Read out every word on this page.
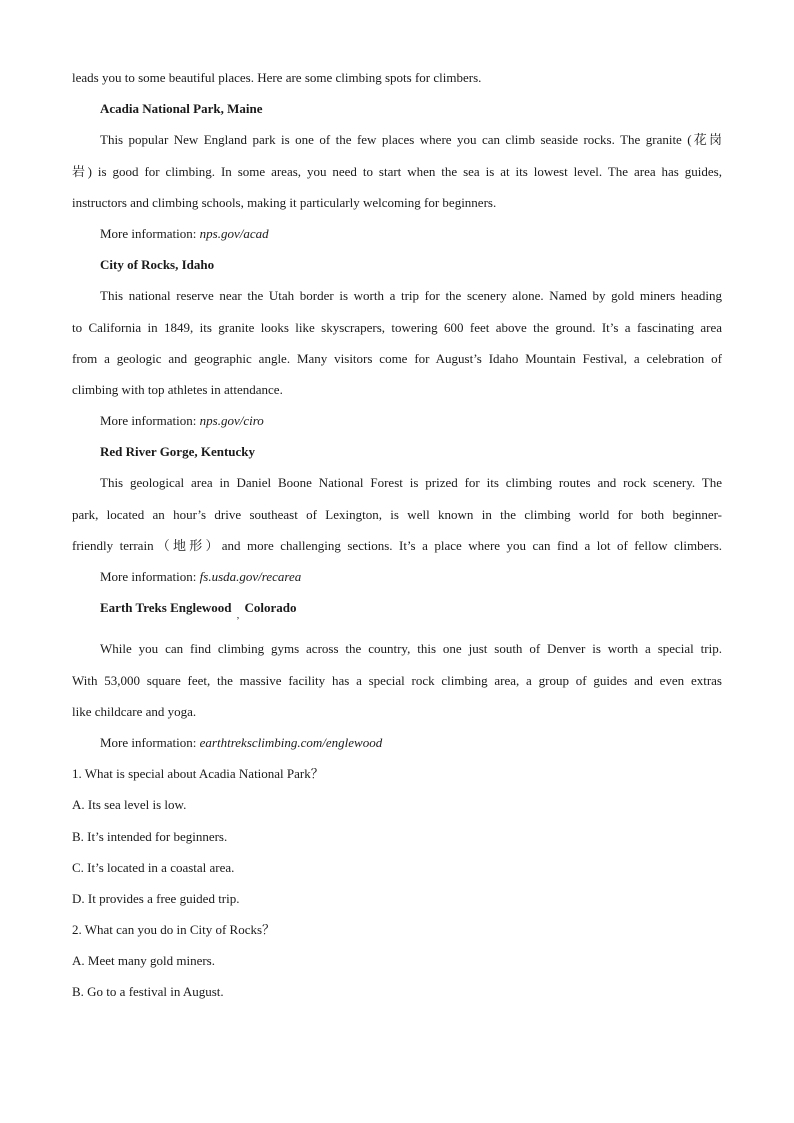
leads you to some beautiful places. Here are some climbing spots for climbers.
Acadia National Park, Maine
This popular New England park is one of the few places where you can climb seaside rocks. The granite (花岗
岩) is good for climbing. In some areas, you need to start when the sea is at its lowest level. The area has guides,
instructors and climbing schools, making it particularly welcoming for beginners.
More information: nps.gov/acad
City of Rocks, Idaho
This national reserve near the Utah border is worth a trip for the scenery alone. Named by gold miners heading
to California in 1849, its granite looks like skyscrapers, towering 600 feet above the ground. It’s a fascinating area
from a geologic and geographic angle. Many visitors come for August’s Idaho Mountain Festival, a celebration of
climbing with top athletes in attendance.
More information: nps.gov/ciro
Red River Gorge, Kentucky
This geological area in Daniel Boone National Forest is prized for its climbing routes and rock scenery. The
park, located an hour’s drive southeast of Lexington, is well known in the climbing world for both beginner-
friendly terrain（地形）and more challenging sections. It’s a place where you can find a lot of fellow climbers.
More information: fs.usda.gov/recarea
Earth Treks Englewood,Colorado
While you can find climbing gyms across the country, this one just south of Denver is worth a special trip.
With 53,000 square feet, the massive facility has a special rock climbing area, a group of guides and even extras
like childcare and yoga.
More information: earthtreksclimbing.com/englewood
1. What is special about Acadia National Park？
A. Its sea level is low.
B. It’s intended for beginners.
C. It’s located in a coastal area.
D. It provides a free guided trip.
2. What can you do in City of Rocks？
A. Meet many gold miners.
B. Go to a festival in August.
